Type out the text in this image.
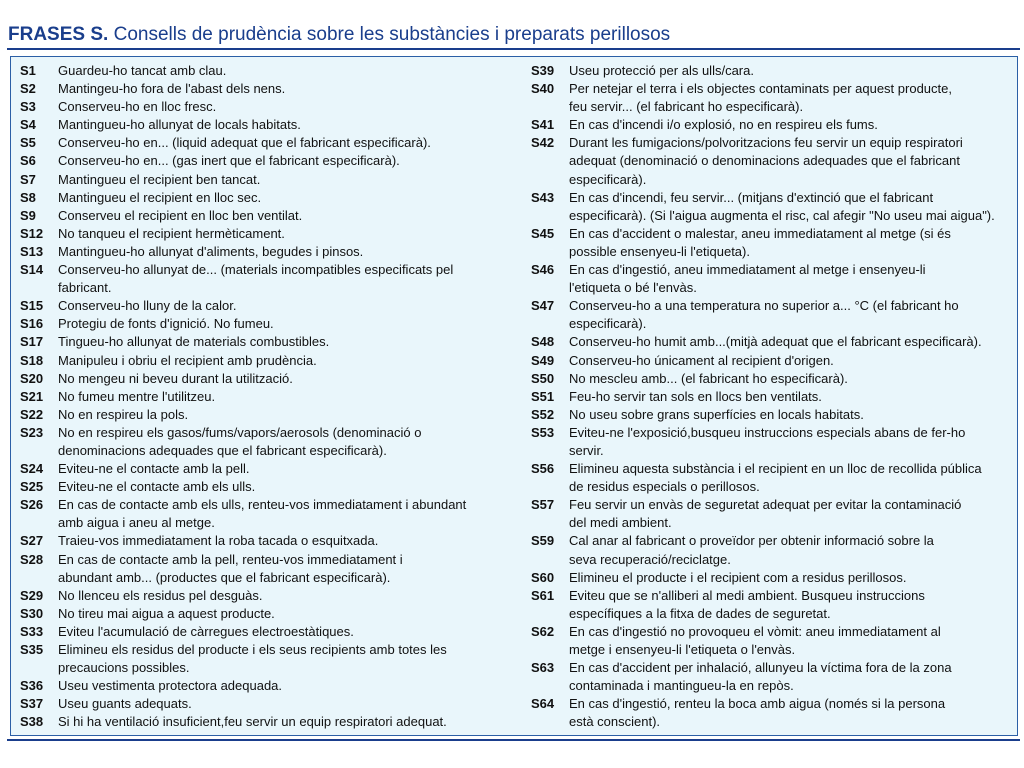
FRASES S. Consells de prudència sobre les substàncies i preparats perillosos
S1	Guardeu-ho tancat amb clau.
S2	Mantingeu-ho fora de l'abast dels nens.
S3	Conserveu-ho en lloc fresc.
S4	Mantingueu-ho allunyat de locals habitats.
S5	Conserveu-ho en... (liquid adequat que el fabricant especificarà).
S6	Conserveu-ho en... (gas inert que el fabricant especificarà).
S7	Mantingueu el recipient ben tancat.
S8	Mantingueu el recipient en lloc sec.
S9	Conserveu el recipient en lloc ben ventilat.
S12	No tanqueu el recipient hermèticament.
S13	Mantingueu-ho allunyat d'aliments, begudes i pinsos.
S14	Conserveu-ho allunyat de... (materials incompatibles especificats pel
fabricant.
S15	Conserveu-ho lluny de la calor.
S16	Protegiu de fonts d'ignició. No fumeu.
S17	Tingueu-ho allunyat de materials combustibles.
S18	Manipuleu i obriu el recipient amb prudència.
S20	No mengeu ni beveu durant la utilització.
S21	No fumeu mentre l'utilitzeu.
S22	No en respireu la pols.
S23	No en respireu els gasos/fums/vapors/aerosols (denominació o
denominacions adequades que el fabricant especificarà).
S24	Eviteu-ne el contacte amb la pell.
S25	Eviteu-ne el contacte amb els ulls.
S26	En cas de contacte amb els ulls, renteu-vos immediatament i abundant
amb aigua i aneu al metge.
S27	Traieu-vos immediatament la roba tacada o esquitxada.
S28	En cas de contacte amb la pell, renteu-vos immediatament i
abundant amb... (productes que el fabricant especificarà).
S29	No llenceu els residus pel desguàs.
S30	No tireu mai aigua a aquest producte.
S33	Eviteu l'acumulació de càrregues electroestàtiques.
S35	Elimineu els residus del producte i els seus recipients amb totes les
precaucions possibles.
S36	Useu vestimenta protectora adequada.
S37	Useu guants adequats.
S38	Si hi ha ventilació insuficient,feu servir un equip respiratori adequat.
S39	Useu protecció per als ulls/cara.
S40	Per netejar el terra i els objectes contaminats per aquest producte,
feu servir... (el fabricant ho especificarà).
S41	En cas d'incendi i/o explosió, no en respireu els fums.
S42	Durant les fumigacions/polvoritzacions feu servir un equip respiratori
adequat (denominació o denominacions adequades que el fabricant
especificarà).
S43	En cas d'incendi, feu servir... (mitjans d'extinció que el fabricant
especificarà). (Si l'aigua augmenta el risc, cal afegir "No useu mai aigua").
S45	En cas d'accident o malestar, aneu immediatament al metge (si és
possible ensenyeu-li l'etiqueta).
S46	En cas d'ingestió, aneu immediatament al metge i ensenyeu-li
l'etiqueta o bé l'envàs.
S47	Conserveu-ho a una temperatura no superior a... °C (el fabricant ho
especificarà).
S48	Conserveu-ho humit amb...(mitjà adequat que el fabricant especificarà).
S49	Conserveu-ho únicament al recipient d'origen.
S50	No mescleu amb... (el fabricant ho especificarà).
S51	Feu-ho servir tan sols en llocs ben ventilats.
S52	No useu sobre grans superfícies en locals habitats.
S53	Eviteu-ne l'exposició,busqueu instruccions especials abans de fer-ho
servir.
S56	Elimineu aquesta substància i el recipient en un lloc de recollida pública
de residus especials o perillosos.
S57	Feu servir un envàs de seguretat adequat per evitar la contaminació
del medi ambient.
S59	Cal anar al fabricant o proveïdor per obtenir informació sobre la
seva recuperació/reciclatge.
S60	Elimineu el producte i el recipient com a residus perillosos.
S61	Eviteu que se n'alliberi al medi ambient. Busqueu instruccions
específiques a la fitxa de dades de seguretat.
S62	En cas d'ingestió no provoqueu el vòmit: aneu immediatament al
metge i ensenyeu-li l'etiqueta o l'envàs.
S63	En cas d'accident per inhalació, allunyeu la víctima fora de la zona
contaminada i mantingueu-la en repòs.
S64	En cas d'ingestió, renteu la boca amb aigua (només si la persona
està conscient).
